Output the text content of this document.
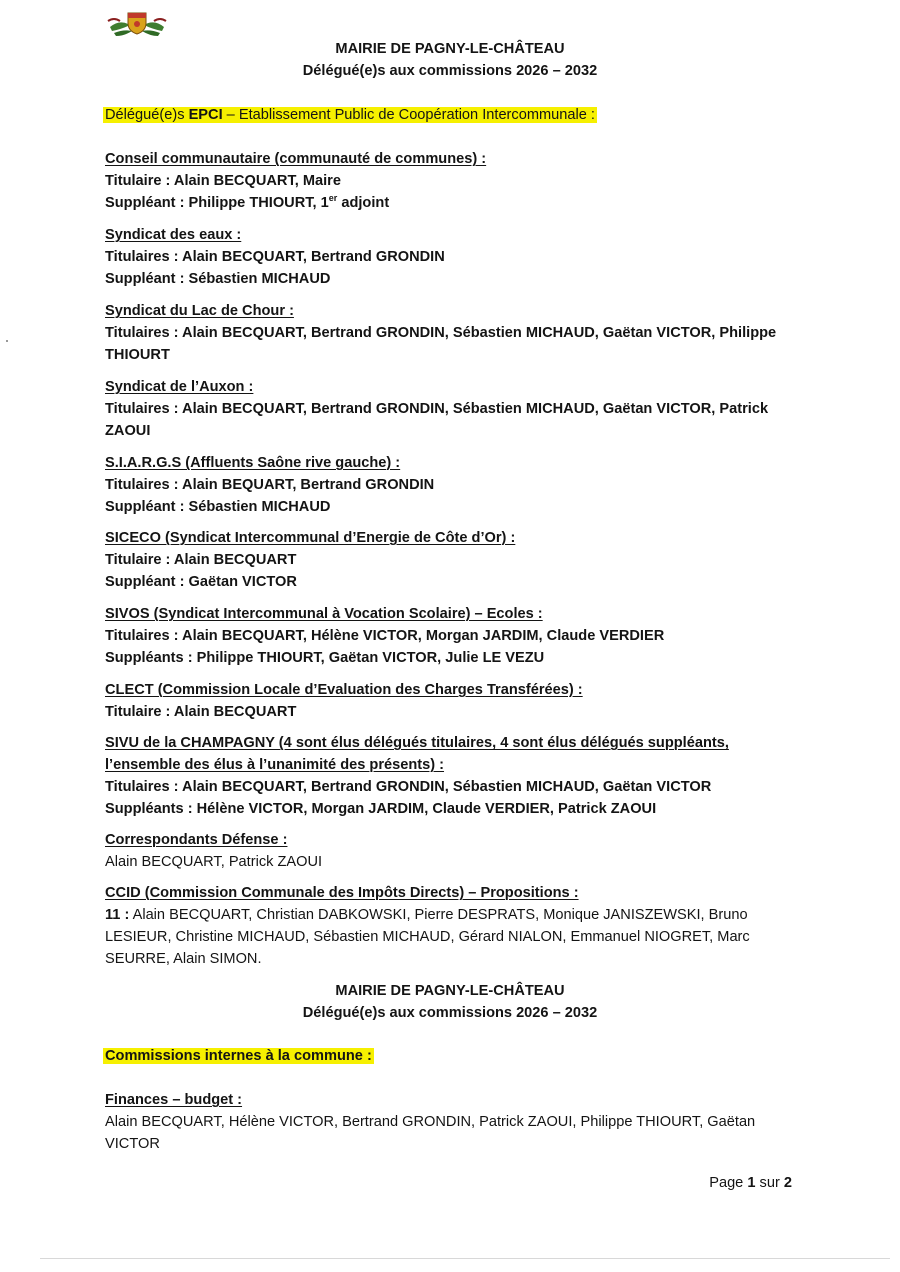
MAIRIE DE PAGNY-LE-CHÂTEAU
Délégué(e)s aux commissions 2026 – 2032
Délégué(e)s EPCI – Etablissement Public de Coopération Intercommunale :
Conseil communautaire (communauté de communes) :
Titulaire : Alain BECQUART, Maire
Suppléant : Philippe THIOURT, 1er adjoint
Syndicat des eaux :
Titulaires : Alain BECQUART, Bertrand GRONDIN
Suppléant : Sébastien MICHAUD
Syndicat du Lac de Chour :
Titulaires : Alain BECQUART, Bertrand GRONDIN, Sébastien MICHAUD, Gaëtan VICTOR, Philippe THIOURT
Syndicat de l’Auxon :
Titulaires : Alain BECQUART, Bertrand GRONDIN, Sébastien MICHAUD, Gaëtan VICTOR, Patrick ZAOUI
S.I.A.R.G.S (Affluents Saône rive gauche) :
Titulaires : Alain BEQUART, Bertrand GRONDIN
Suppléant : Sébastien MICHAUD
SICECO (Syndicat Intercommunal d’Energie de Côte d’Or) :
Titulaire : Alain BECQUART
Suppléant : Gaëtan VICTOR
SIVOS (Syndicat Intercommunal à Vocation Scolaire) – Ecoles :
Titulaires : Alain BECQUART, Hélène VICTOR, Morgan JARDIM, Claude VERDIER
Suppléants : Philippe THIOURT, Gaëtan VICTOR, Julie LE VEZU
CLECT (Commission Locale d’Evaluation des Charges Transférées) :
Titulaire : Alain BECQUART
SIVU de la CHAMPAGNY (4 sont élus délégués titulaires, 4 sont élus délégués suppléants, l’ensemble des élus à l’unanimité des présents) :
Titulaires : Alain BECQUART, Bertrand GRONDIN, Sébastien MICHAUD, Gaëtan VICTOR
Suppléants : Hélène VICTOR, Morgan JARDIM, Claude VERDIER, Patrick ZAOUI
Correspondants Défense :
Alain BECQUART, Patrick ZAOUI
CCID (Commission Communale des Impôts Directs) – Propositions :
11 : Alain BECQUART, Christian DABKOWSKI, Pierre DESPRATS, Monique JANISZEWSKI, Bruno LESIEUR, Christine MICHAUD, Sébastien MICHAUD, Gérard NIALON, Emmanuel NIOGRET, Marc SEURRE, Alain SIMON.
MAIRIE DE PAGNY-LE-CHÂTEAU
Délégué(e)s aux commissions 2026 – 2032
Commissions internes à la commune :
Finances – budget :
Alain BECQUART, Hélène VICTOR, Bertrand GRONDIN, Patrick ZAOUI, Philippe THIOURT, Gaëtan VICTOR
Page 1 sur 2
